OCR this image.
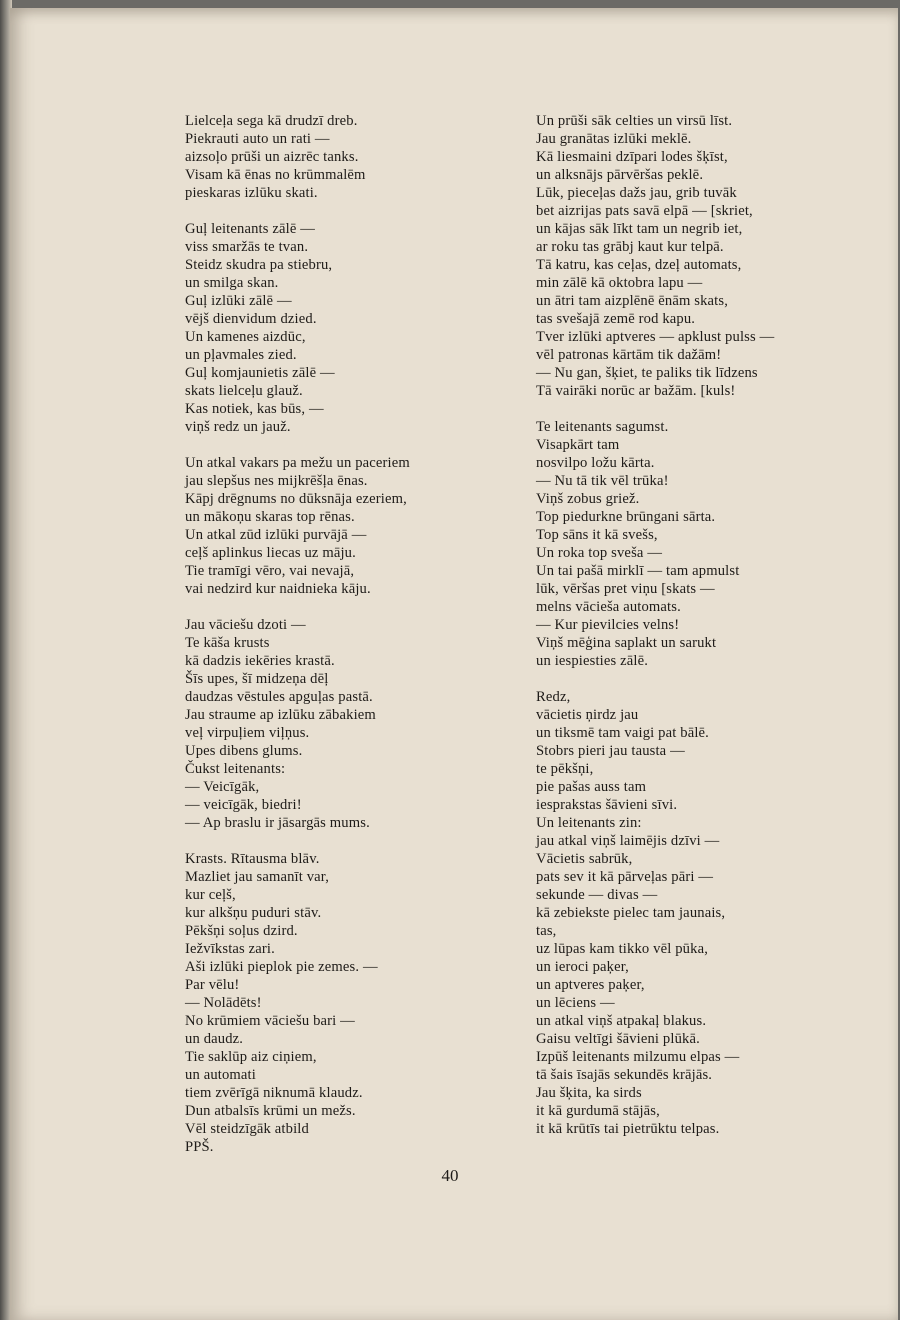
Lielceļa sega kā drudzī dreb.
Piekrauti auto un rati —
aizsoļo prūši un aizrēc tanks.
Visam kā ēnas no krūmmalēm
pieskaras izlūku skati.
Guļ leitenants zālē —
viss smaržās te tvan.
Steidz skudra pa stiebru,
un smilga skan.
Guļ izlūki zālē —
vējš dienvidum dzied.
Un kamenes aizdūc,
un pļavmales zied.
Guļ komjaunietis zālē —
skats lielceļu glauž.
Kas notiek, kas būs, —
viņš redz un jauž.
Un atkal vakars pa mežu un paceriem
jau slepšus nes mijkrēšļa ēnas.
Kāpj drēgnums no dūksnāja ezeriem,
un mākoņu skaras top rēnas.
Un atkal zūd izlūki purvājā —
ceļš aplinkus liecas uz māju.
Tie tramīgi vēro, vai nevajā,
vai nedzird kur naidnieka kāju.
Jau vāciešu dzoti —
Te kāša krusts
kā dadzis iekēries krastā.
Šīs upes, šī midzeņa dēļ
daudzas vēstules apguļas pastā.
Jau straume ap izlūku zābakiem
veļ virpuļiem viļņus.
Upes dibens glums.
Čukst leitenants:
— Veicīgāk,
— veicīgāk, biedri!
— Ap braslu ir jāsargās mums.
Krasts. Rītausma blāv.
Mazliet jau samanīt var,
kur ceļš,
kur alkšņu puduri stāv.
Pēkšņi soļus dzird.
Iežvīkstas zari.
Aši izlūki pieplok pie zemes. —
Par vēlu!
— Nolādēts!
No krūmiem vāciešu bari —
un daudz.
Tie saklūp aiz ciņiem,
un automati
tiem zvērīgā niknumā klaudz.
Dun atbalsīs krūmi un mežs.
Vēl steidzīgāk atbild
PPŠ.
Un prūši sāk celties un virsū līst.
Jau granātas izlūki meklē.
Kā liesmaini dzīpari lodes šķīst,
un alksnājs pārvēršas peklē.
Lūk, pieceļas dažs jau, grib tuvāk
bet aizrijas pats savā elpā — [skriet,
un kājas sāk līkt tam un negrib iet,
ar roku tas grābj kaut kur telpā.
Tā katru, kas ceļas, dzeļ automats,
min zālē kā oktobra lapu —
un ātri tam aizplēnē ēnām skats,
tas svešajā zemē rod kapu.
Tver izlūki aptveres — apklust pulss —
vēl patronas kārtām tik dažām!
— Nu gan, šķiet, te paliks tik līdzens
Tā vairāki norūc ar bažām. [kuls!
Te leitenants sagumst.
Visapkārt tam
nosvilpo ložu kārta.
— Nu tā tik vēl trūka!
Viņš zobus griež.
Top piedurkne brūngani sārta.
Top sāns it kā svešs,
Un roka top sveša —
Un tai pašā mirklī — tam apmulst
lūk, vēršas pret viņu [skats —
melns vācieša automats.
— Kur pievilcies velns!
Viņš mēģina saplakt un sarukt
un iespiesties zālē.
Redz,
vācietis ņirdz jau
un tiksmē tam vaigi pat bālē.
Stobrs pieri jau tausta —
te pēkšņi,
pie pašas auss tam
iesprakstas šāvieni sīvi.
Un leitenants zin:
jau atkal viņš laimējis dzīvi —
Vācietis sabrūk,
pats sev it kā pārveļas pāri —
sekunde — divas —
kā zebiekste pielec tam jaunais,
tas,
uz lūpas kam tikko vēl pūka,
un ieroci paķer,
un aptveres paķer,
un lēciens —
un atkal viņš atpakaļ blakus.
Gaisu veltīgi šāvieni plūkā.
Izpūš leitenants milzumu elpas —
tā šais īsajās sekundēs krājās.
Jau šķita, ka sirds
it kā gurdumā stājās,
it kā krūtīs tai pietrūktu telpas.
40
